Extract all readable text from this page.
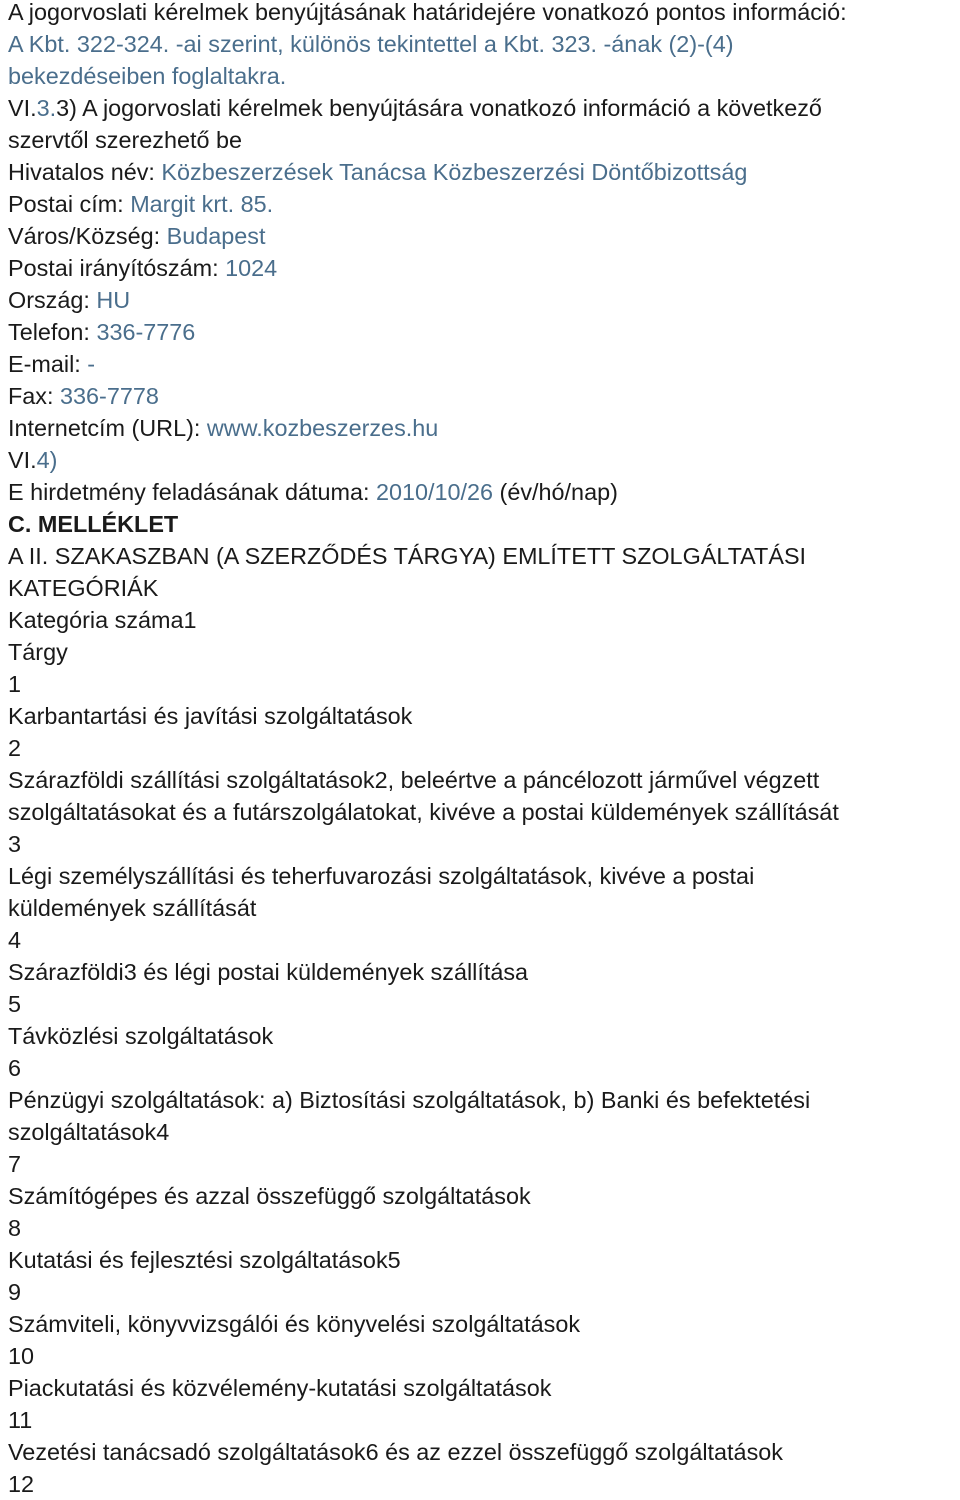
A jogorvoslati kérelmek benyújtásának határidejére vonatkozó pontos információ:

A Kbt. 322-324. -ai szerint, különös tekintettel a Kbt. 323. -ának (2)-(4)

bekezdéseiben foglaltakra.

VI.3.3) A jogorvoslati kérelmek benyújtására vonatkozó információ a következő

szervtől szerezhető be

Hivatalos név: Közbeszerzések Tanácsa Közbeszerzési Döntőbizottság

Postai cím: Margit krt. 85.

Város/Község: Budapest

Postai irányítószám: 1024

Ország: HU

Telefon: 336-7776

E-mail: -

Fax: 336-7778

Internetcím (URL): www.kozbeszerzes.hu

VI.4)

E hirdetmény feladásának dátuma: 2010/10/26 (év/hó/nap)

C. MELLÉKLET

A II. SZAKASZBAN (A SZERZŐDÉS TÁRGYA) EMLÍTETT SZOLGÁLTATÁSI

KATEGÓRIÁK

Kategória száma1

Tárgy

1

Karbantartási és javítási szolgáltatások

2

Szárazföldi szállítási szolgáltatások2, beleértve a páncélozott járművel végzett

szolgáltatásokat és a futárszolgálatokat, kivéve a postai küldemények szállítását

3

Légi személyszállítási és teherfuvarozási szolgáltatások, kivéve a postai

küldemények szállítását

4

Szárazföldi3 és légi postai küldemények szállítása

5

Távközlési szolgáltatások

6

Pénzügyi szolgáltatások: a) Biztosítási szolgáltatások, b) Banki és befektetési

szolgáltatások4

7

Számítógépes és azzal összefüggő szolgáltatások

8

Kutatási és fejlesztési szolgáltatások5

9

Számviteli, könyvvizsgálói és könyvelési szolgáltatások

10

Piackutatási és közvélemény-kutatási szolgáltatások

11

Vezetési tanácsadó szolgáltatások6 és az ezzel összefüggő szolgáltatások

12
